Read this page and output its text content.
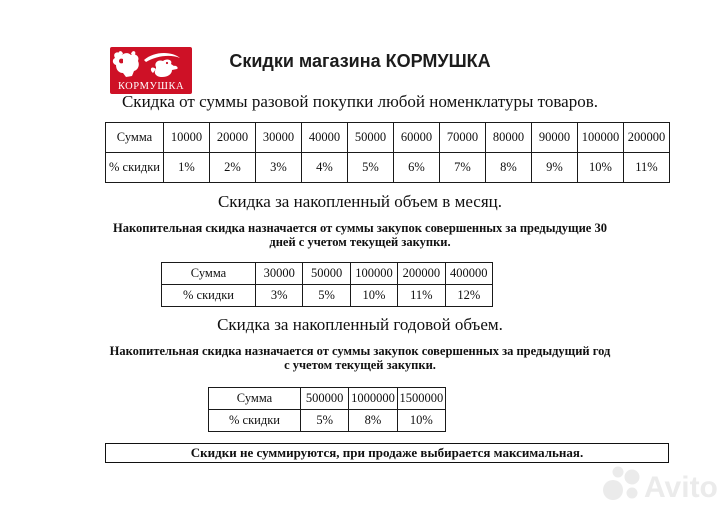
КОРМУШКА
Скидки магазина КОРМУШКА
Скидка от суммы разовой покупки любой номенклатуры товаров.
Сумма	10000	20000	30000	40000	50000	60000	70000	80000	90000	100000	200000
% скидки	1%	2%	3%	4%	5%	6%	7%	8%	9%	10%	11%
Скидка за накопленный объем в месяц.
Накопительная скидка назначается от суммы закупок совершенных за предыдущие 30
дней с учетом текущей закупки.
Сумма	30000	50000	100000	200000	400000
% скидки	3%	5%	10%	11%	12%
Скидка за накопленный годовой объем.
Накопительная скидка назначается от суммы закупок совершенных за предыдущий год
с учетом текущей закупки.
Сумма	500000	1000000	1500000
% скидки	5%	8%	10%
Скидки не суммируются, при продаже выбирается максимальная.
Avito
